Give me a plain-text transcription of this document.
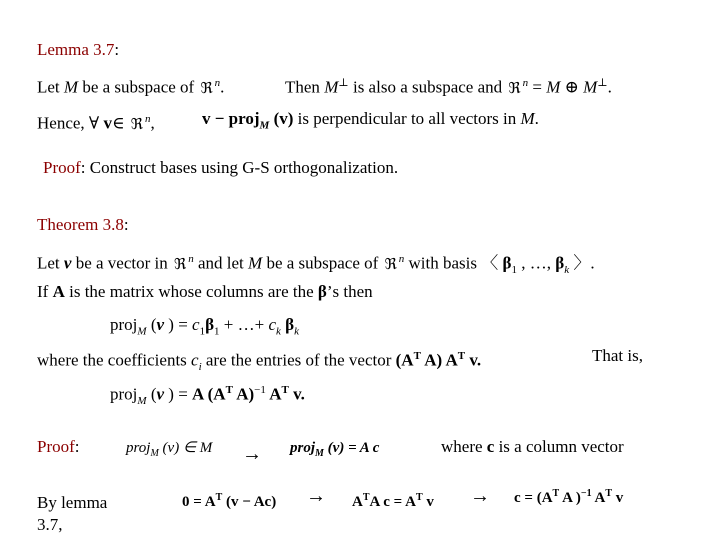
Lemma 3.7:
Let M be a subspace of ℜ $^n$.	Then M⊥ is also a subspace and ℜ $^n$ = M ⊕ M⊥.
Hence, ∀ v∈ ℜ $^n$,	v − proj$_M$ (v) is perpendicular to all vectors in M.
Proof: Construct bases using G-S orthogonalization.
Theorem 3.8:
Let v be a vector in ℜ $^n$ and let M be a subspace of ℜ $^n$ with basis 〈 $\beta_1$ , …, $\beta_k$ 〉.
If A is the matrix whose columns are the β’s then
proj$_M$ (v ) = $c_1\beta_1$ + …+ $c_k$ $\beta_k$
where the coefficients $c_i$ are the entries of the vector ($A^T$ A) $A^T$ v.	That is,
proj$_M$ (v ) = A ($A^T$ A)$^{-1}$ $A^T$ v.
Proof:	proj$_M$ (v) ∈ M → proj$_M$ (v) = A c	where c is a column vector
By lemma
3.7,
$0 = A^T$ $(v - Ac) \to A^TA$ $c = A^T$ $v \to c = (A^T$ A )$^{-1}$ $A^T$ v
